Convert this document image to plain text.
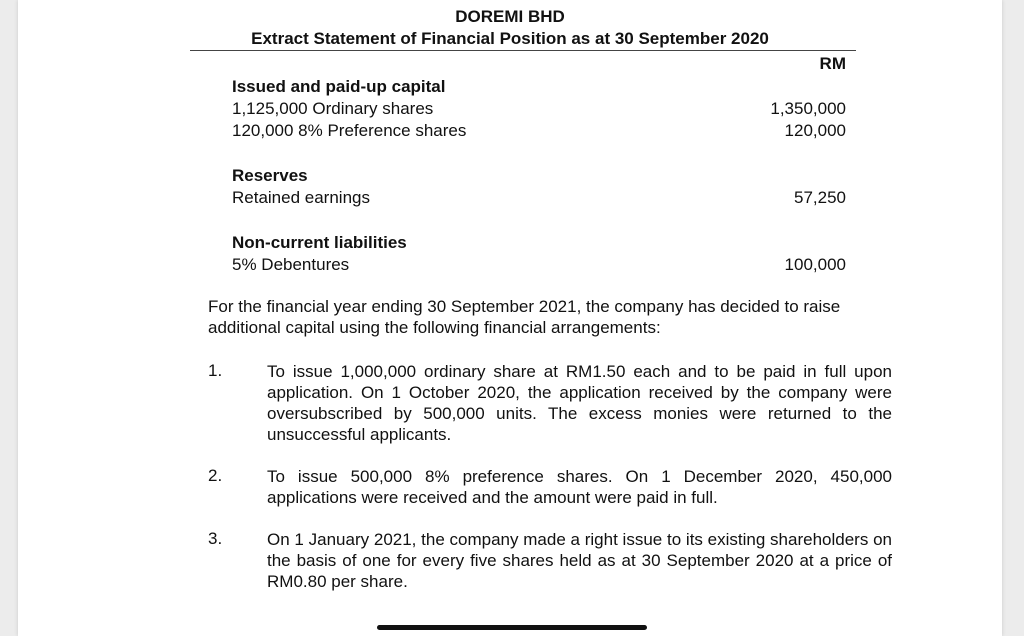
DOREMI BHD
Extract Statement of Financial Position as at 30 September 2020
RM
Issued and paid-up capital
1,125,000 Ordinary shares	1,350,000
120,000 8% Preference shares	120,000
Reserves
Retained earnings	57,250
Non-current liabilities
5% Debentures	100,000
For the financial year ending 30 September 2021, the company has decided to raise additional capital using the following financial arrangements:
1.	To issue 1,000,000 ordinary share at RM1.50 each and to be paid in full upon application. On 1 October 2020, the application received by the company were oversubscribed by 500,000 units. The excess monies were returned to the unsuccessful applicants.
2.	To issue 500,000 8% preference shares. On 1 December 2020, 450,000 applications were received and the amount were paid in full.
3.	On 1 January 2021, the company made a right issue to its existing shareholders on the basis of one for every five shares held as at 30 September 2020 at a price of RM0.80 per share.
